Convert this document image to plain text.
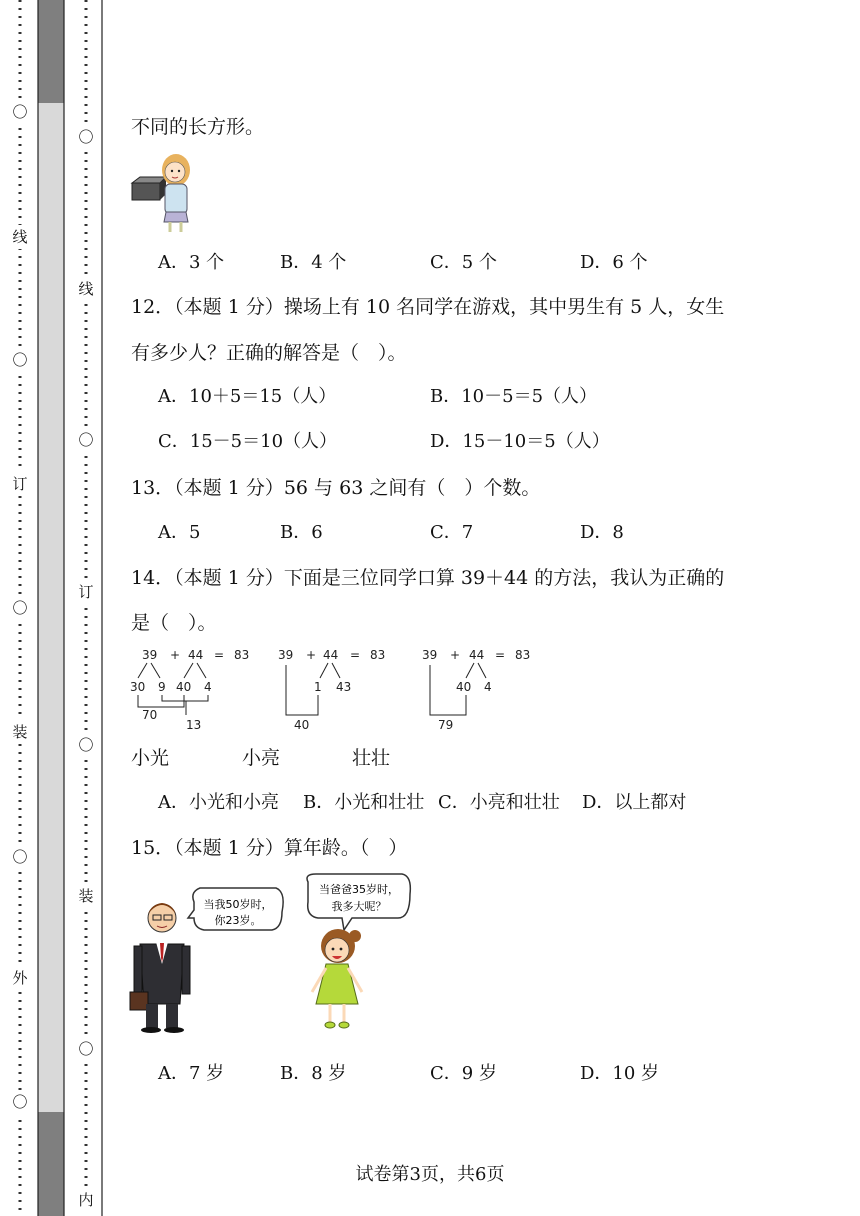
〇
线
〇
订
〇
装
〇
外
〇
〇
线
〇
订
〇
装
〇
内
不同的长方形。
A．3 个	B．4 个	C．5 个	D．6 个
12．（本题 1 分）操场上有 10 名同学在游戏，其中男生有 5 人，女生
有多少人？正确的解答是（　）。
A．10＋5＝15（人）	B．10－5＝5（人）
C．15－5＝10（人）	D．15－10＝5（人）
13．（本题 1 分）56 与 63 之间有（　）个数。
A．5	B．6	C．7	D．8
14．（本题 1 分）下面是三位同学口算 39＋44 的方法，我认为正确的
是（　）。
39 + 44 = 83
30 9 40 4
70
13
39 + 44 = 83
1 43
40
39 + 44 = 83
40 4
79
小光	小亮	壮壮
A．小光和小亮 B．小光和壮壮 C．小亮和壮壮 D．以上都对
15．（本题 1 分）算年龄。（　）
当我50岁时，
你23岁。
当爸爸35岁时，
我多大呢？
A．7 岁	B．8 岁	C．9 岁	D．10 岁
试卷第3页，共6页
